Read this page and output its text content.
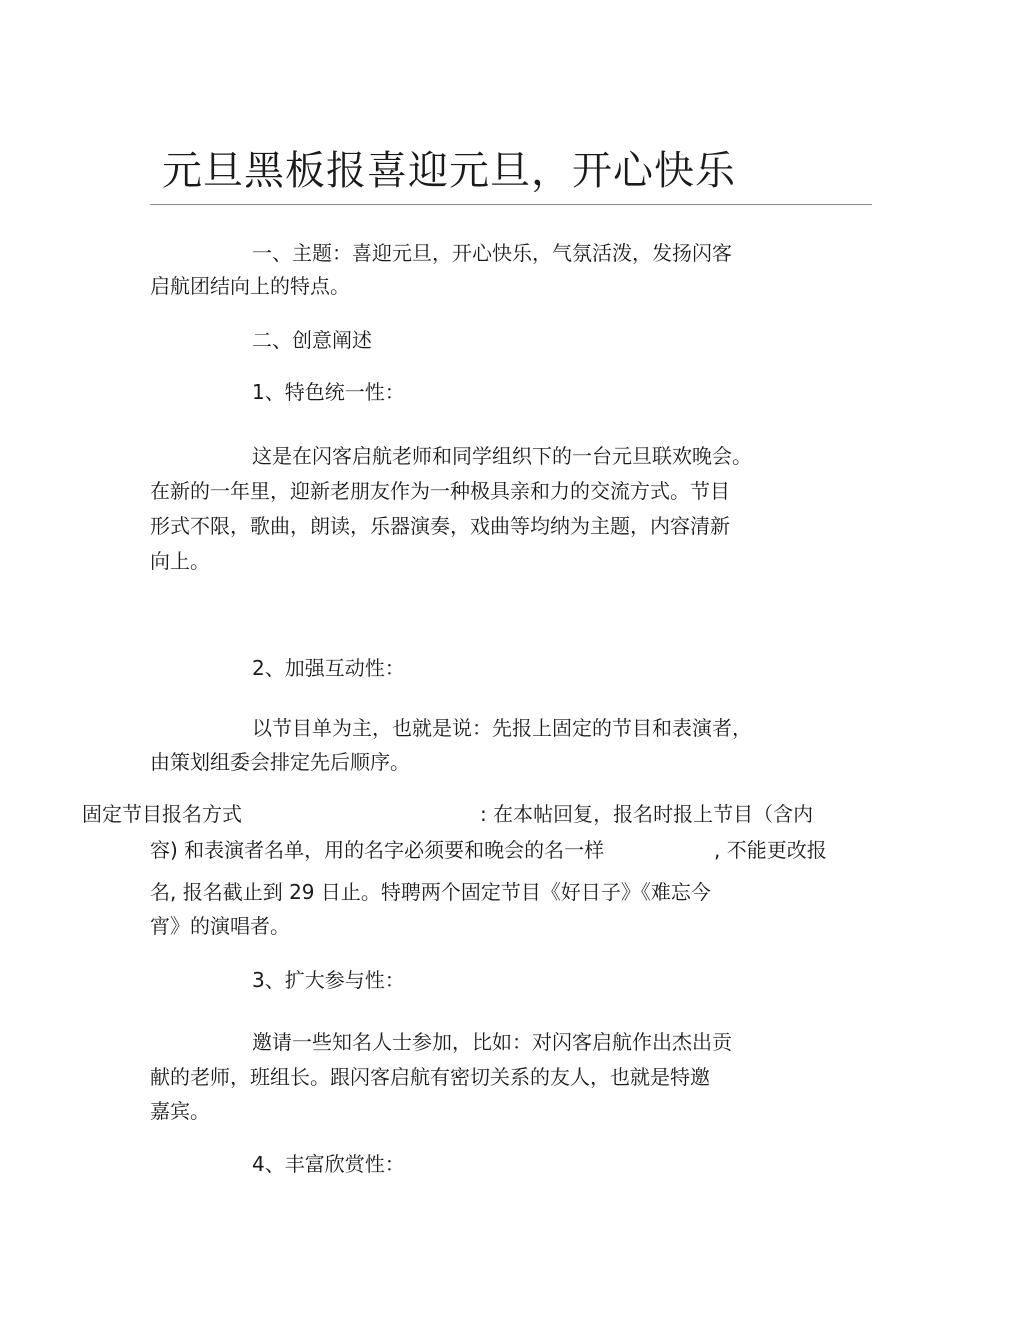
元旦黑板报喜迎元旦，开心快乐

一、主题：喜迎元旦，开心快乐，气氛活泼，发扬闪客

启航团结向上的特点。

二、创意阐述

1、特色统一性：

这是在闪客启航老师和同学组织下的一台元旦联欢晚会。

在新的一年里，迎新老朋友作为一种极具亲和力的交流方式。节目

形式不限，歌曲，朗读，乐器演奏，戏曲等均纳为主题，内容清新

向上。

2、加强互动性：

以节目单为主，也就是说：先报上固定的节目和表演者，

由策划组委会排定先后顺序。

固定节目报名方式	: 在本帖回复，报名时报上节目（含内

容) 和表演者名单，用的名字必须要和晚会的名一样	, 不能更改报

名, 报名截止到 29 日止。特聘两个固定节目《好日子》《难忘今

宵》的演唱者。

3、扩大参与性：

邀请一些知名人士参加，比如：对闪客启航作出杰出贡

献的老师，班组长。跟闪客启航有密切关系的友人，也就是特邀

嘉宾。

4、丰富欣赏性：
